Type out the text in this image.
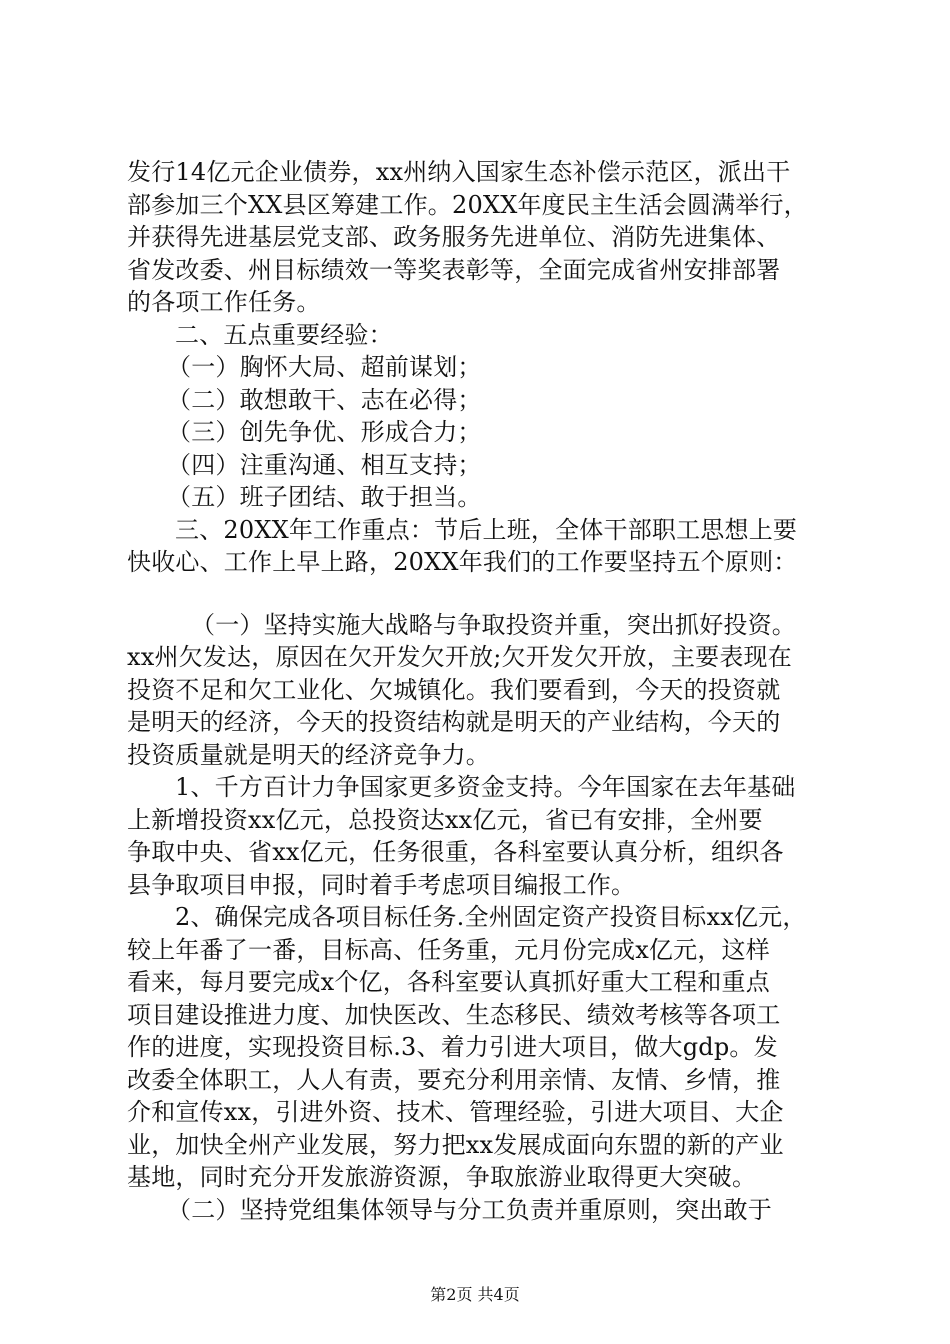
发行14亿元企业债券，xx州纳入国家生态补偿示范区，派出干
部参加三个XX县区筹建工作。20XX年度民主生活会圆满举行，
并获得先进基层党支部、政务服务先进单位、消防先进集体、
省发改委、州目标绩效一等奖表彰等，全面完成省州安排部署
的各项工作任务。
二、五点重要经验：
（一）胸怀大局、超前谋划；
（二）敢想敢干、志在必得；
（三）创先争优、形成合力；
（四）注重沟通、相互支持；
（五）班子团结、敢于担当。
三、20XX年工作重点：节后上班，全体干部职工思想上要
快收心、工作上早上路，20XX年我们的工作要坚持五个原则：
（一）坚持实施大战略与争取投资并重，突出抓好投资。
xx州欠发达，原因在欠开发欠开放;欠开发欠开放，主要表现在
投资不足和欠工业化、欠城镇化。我们要看到，今天的投资就
是明天的经济，今天的投资结构就是明天的产业结构，今天的
投资质量就是明天的经济竞争力。
1、千方百计力争国家更多资金支持。今年国家在去年基础
上新增投资xx亿元，总投资达xx亿元，省已有安排，全州要
争取中央、省xx亿元，任务很重，各科室要认真分析，组织各
县争取项目申报，同时着手考虑项目编报工作。
2、确保完成各项目标任务.全州固定资产投资目标xx亿元，
较上年番了一番，目标高、任务重，元月份完成x亿元，这样
看来，每月要完成x个亿，各科室要认真抓好重大工程和重点
项目建设推进力度、加快医改、生态移民、绩效考核等各项工
作的进度，实现投资目标.3、着力引进大项目，做大gdp。发
改委全体职工，人人有责，要充分利用亲情、友情、乡情，推
介和宣传xx，引进外资、技术、管理经验，引进大项目、大企
业，加快全州产业发展，努力把xx发展成面向东盟的新的产业
基地，同时充分开发旅游资源，争取旅游业取得更大突破。
（二）坚持党组集体领导与分工负责并重原则，突出敢于
第2页 共4页
